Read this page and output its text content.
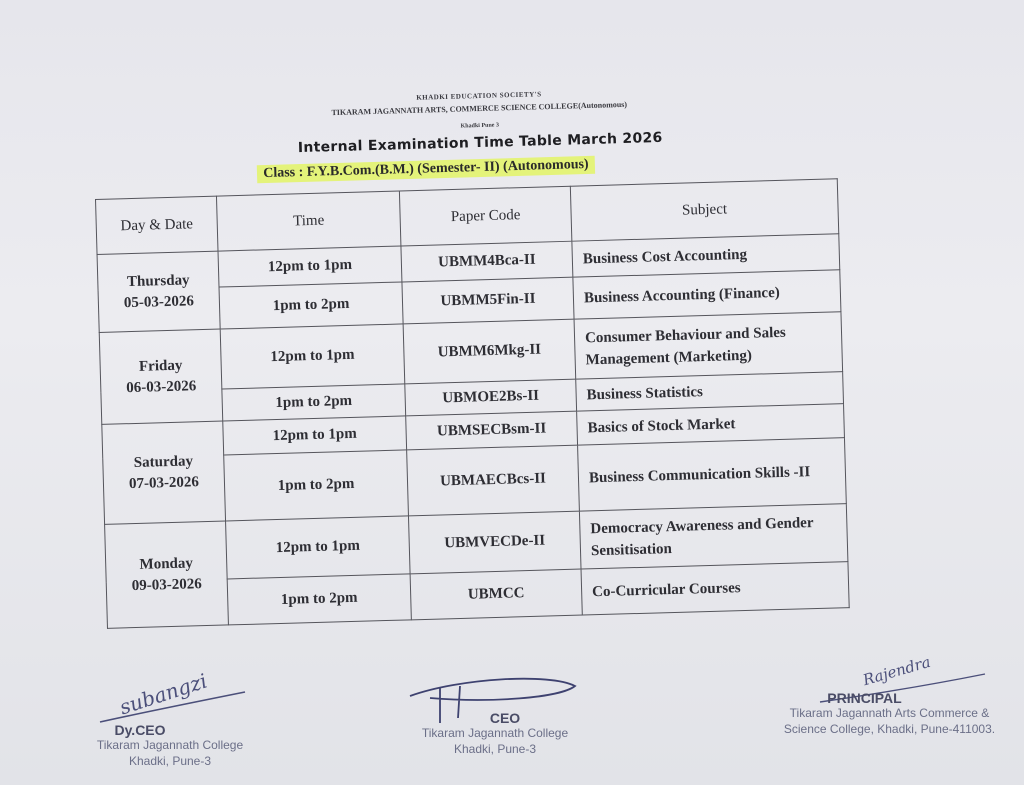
KHADKI EDUCATION SOCIETY'S
TIKARAM JAGANNATH ARTS, COMMERCE SCIENCE COLLEGE(Autonomous)
Khadki Pune 3
Internal Examination Time Table March 2026
Class : F.Y.B.Com.(B.M.) (Semester- II) (Autonomous)
Day & Date	Time	Paper Code	Subject

Thursday
05-03-2026	12pm to 1pm	UBMM4Bca-II	Business Cost Accounting
	1pm to 2pm	UBMM5Fin-II	Business Accounting (Finance)

Friday
06-03-2026	12pm to 1pm	UBMM6Mkg-II	Consumer Behaviour and Sales Management (Marketing)
	1pm to 2pm	UBMOE2Bs-II	Business Statistics

Saturday
07-03-2026	12pm to 1pm	UBMSECBsm-II	Basics of Stock Market
	1pm to 2pm	UBMAECBcs-II	Business Communication Skills -II

Monday
09-03-2026	12pm to 1pm	UBMVECDe-II	Democracy Awareness and Gender Sensitisation
	1pm to 2pm	UBMCC	Co-Curricular Courses
subangzi
Dy.CEO
Tikaram Jagannath College
Khadki, Pune-3
CEO
Tikaram Jagannath College
Khadki, Pune-3
Rajendra
PRINCIPAL
Tikaram Jagannath Arts Commerce &
Science College, Khadki, Pune-411003.
